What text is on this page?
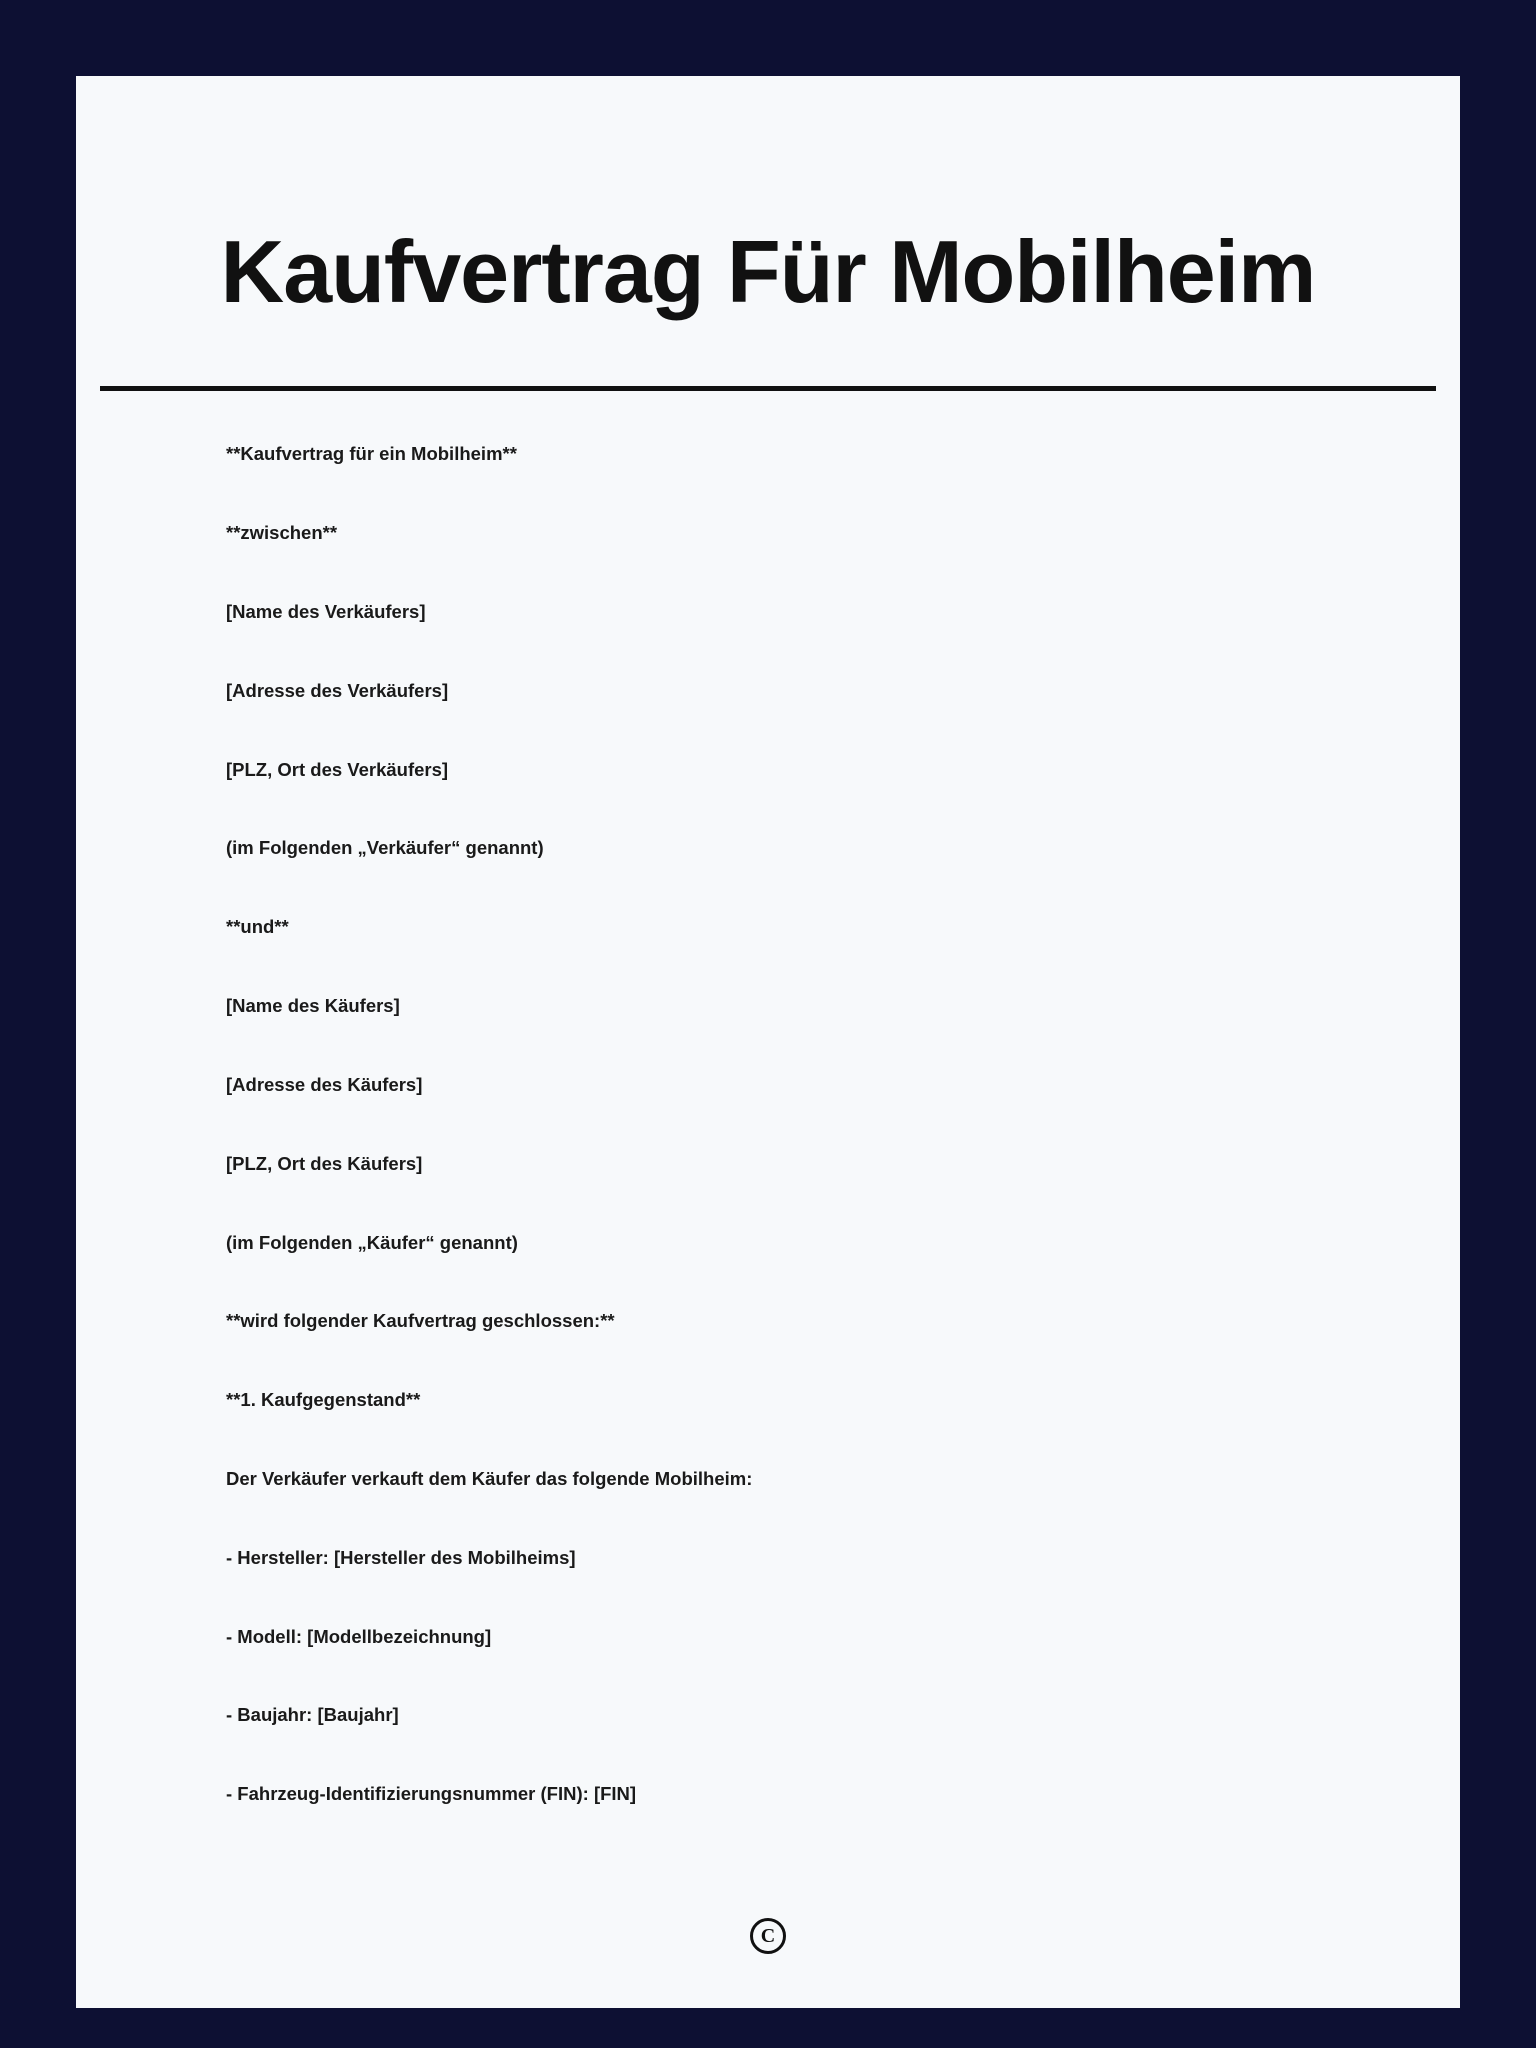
Kaufvertrag Für Mobilheim

**Kaufvertrag für ein Mobilheim**

**zwischen**

[Name des Verkäufers]

[Adresse des Verkäufers]

[PLZ, Ort des Verkäufers]

(im Folgenden „Verkäufer“ genannt)

**und**

[Name des Käufers]

[Adresse des Käufers]

[PLZ, Ort des Käufers]

(im Folgenden „Käufer“ genannt)

**wird folgender Kaufvertrag geschlossen:**

**1. Kaufgegenstand**

Der Verkäufer verkauft dem Käufer das folgende Mobilheim:

- Hersteller: [Hersteller des Mobilheims]

- Modell: [Modellbezeichnung]

- Baujahr: [Baujahr]

- Fahrzeug-Identifizierungsnummer (FIN): [FIN]

C
